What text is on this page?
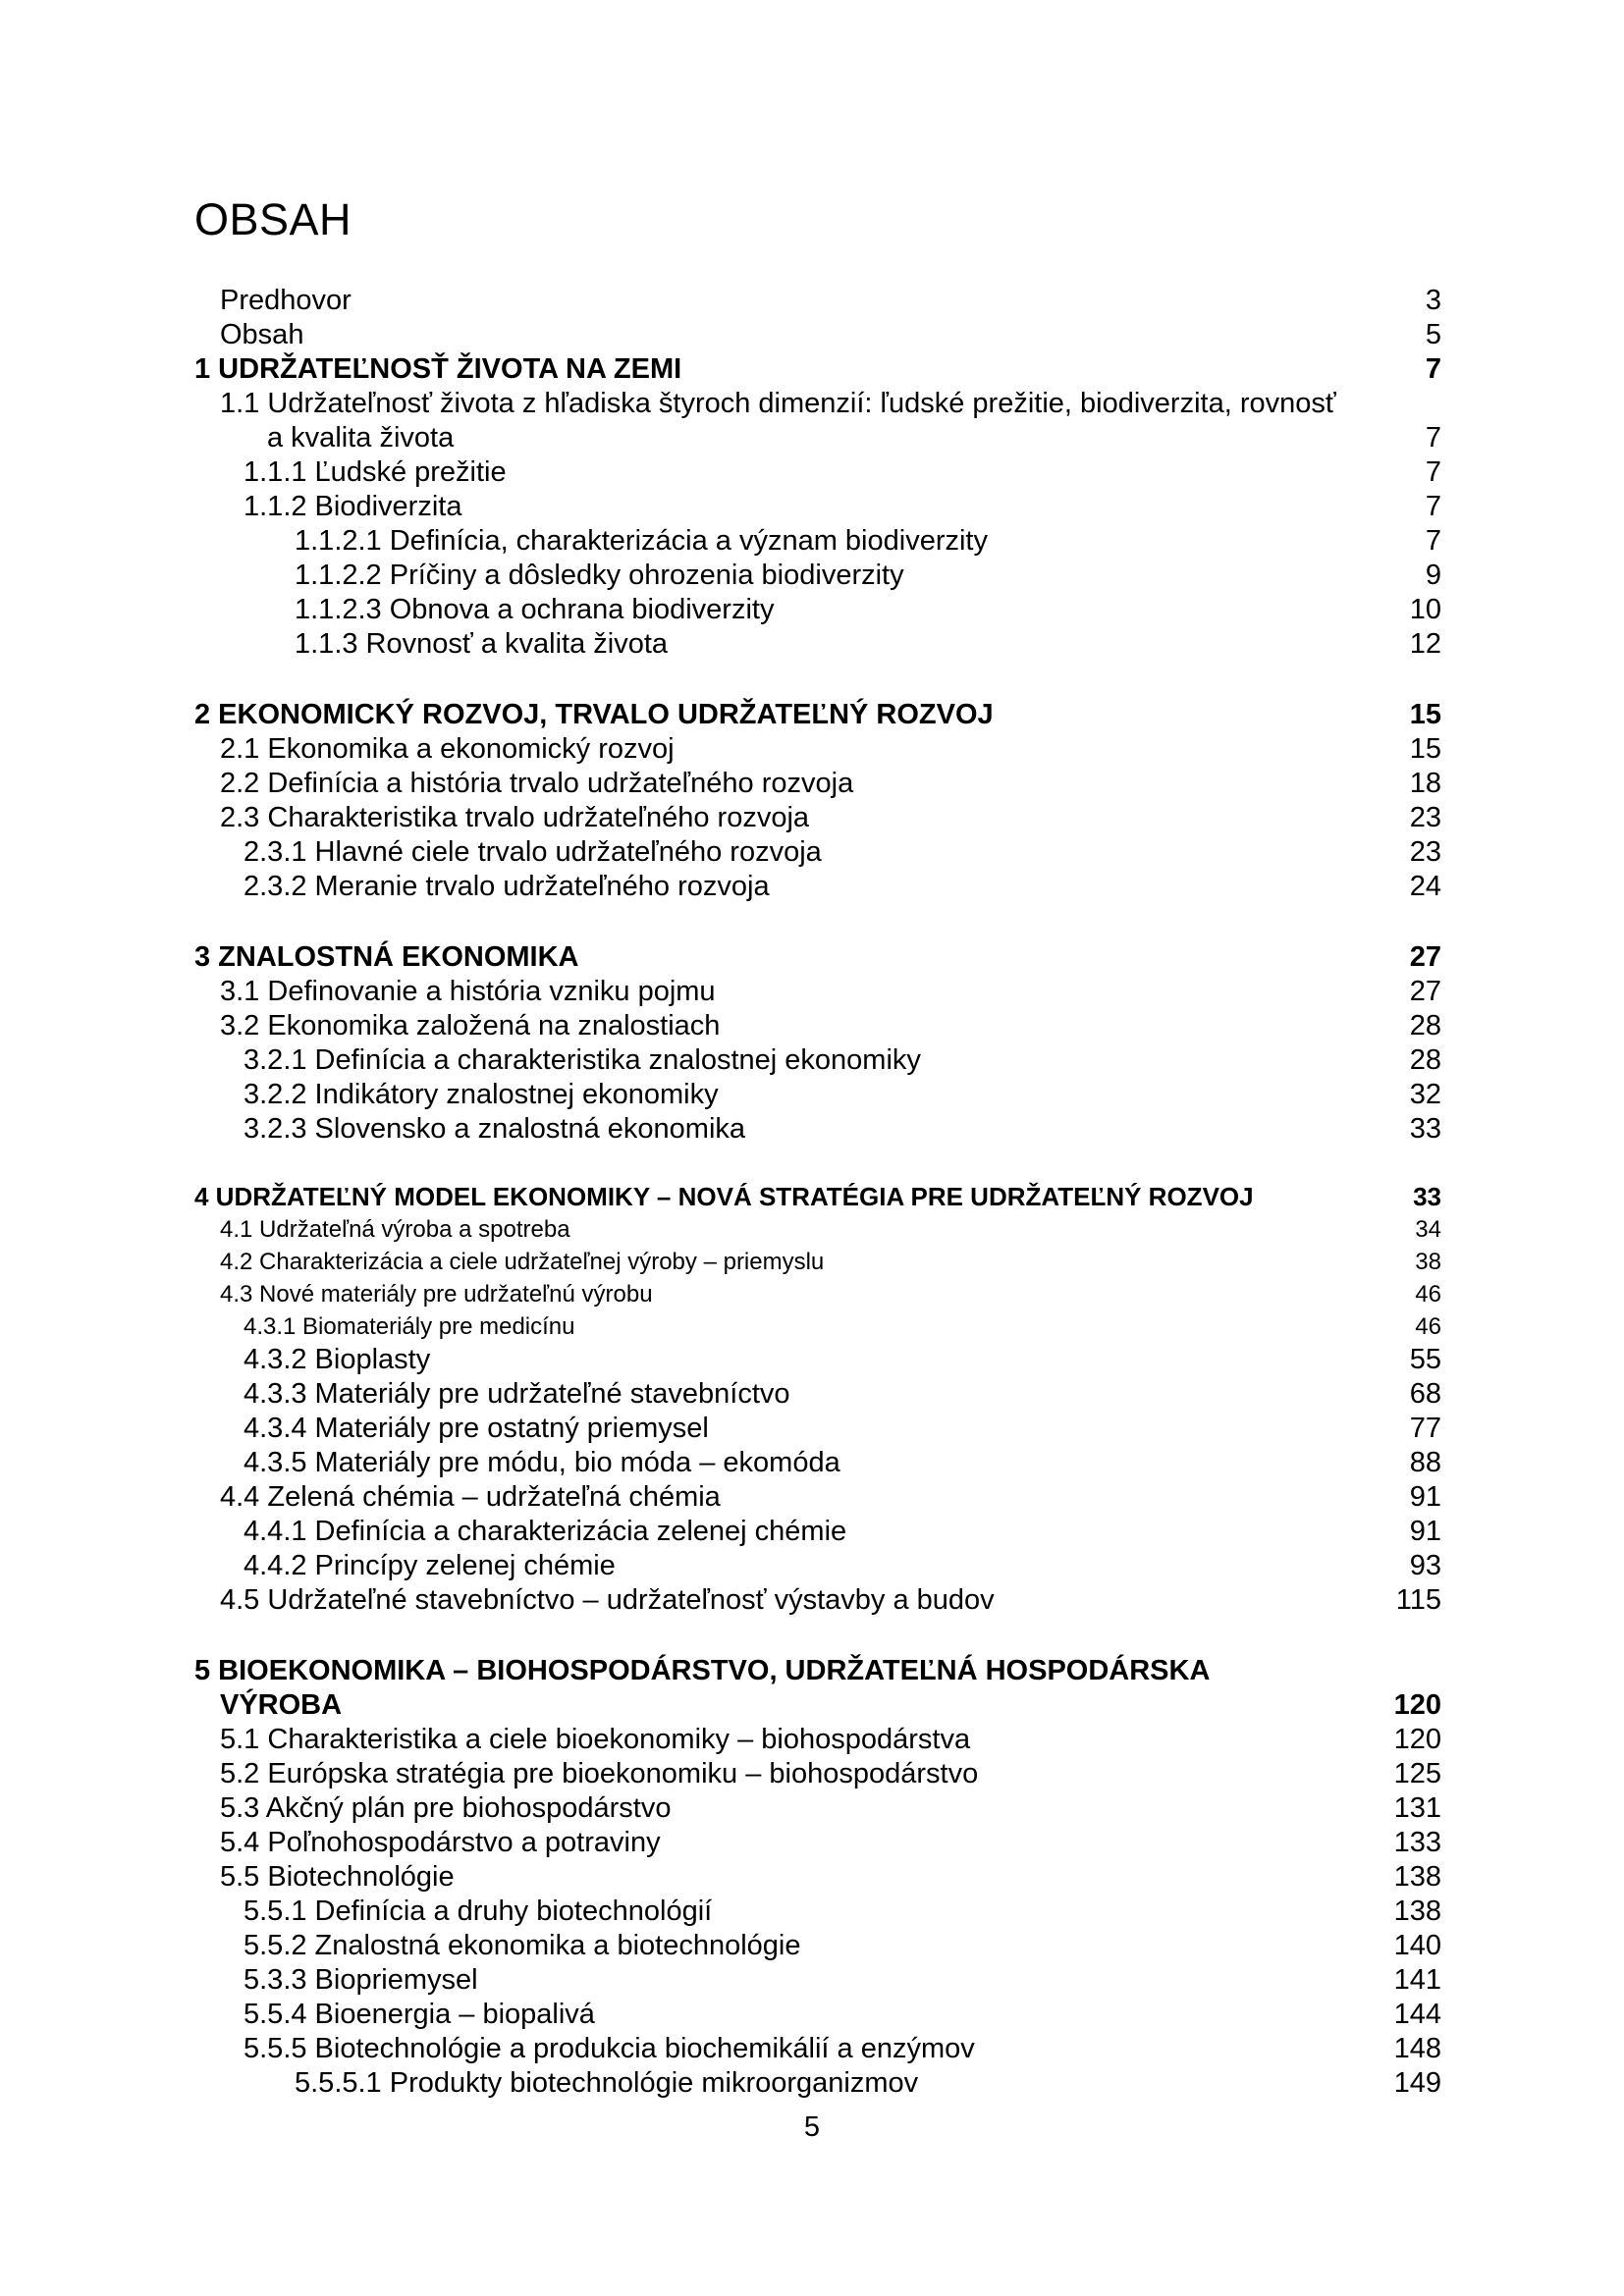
OBSAH
Predhovor	3
Obsah	5
1 UDRŽATEĽNOSŤ ŽIVOTA NA ZEMI	7
1.1 Udržateľnosť života z hľadiska štyroch dimenzií: ľudské prežitie, biodiverzita, rovnosť
a kvalita života	7
1.1.1 Ľudské prežitie	7
1.1.2 Biodiverzita	7
1.1.2.1 Definícia, charakterizácia a význam biodiverzity	7
1.1.2.2 Príčiny a dôsledky ohrozenia biodiverzity	9
1.1.2.3 Obnova a ochrana biodiverzity	10
1.1.3 Rovnosť a kvalita života	12
2 EKONOMICKÝ ROZVOJ, TRVALO UDRŽATEĽNÝ ROZVOJ	15
2.1 Ekonomika a ekonomický rozvoj	15
2.2 Definícia a história trvalo udržateľného rozvoja	18
2.3 Charakteristika trvalo udržateľného rozvoja	23
2.3.1 Hlavné ciele trvalo udržateľného rozvoja	23
2.3.2 Meranie trvalo udržateľného rozvoja	24
3 ZNALOSTNÁ EKONOMIKA	27
3.1 Definovanie a história vzniku pojmu	27
3.2 Ekonomika založená na znalostiach	28
3.2.1 Definícia a charakteristika znalostnej ekonomiky	28
3.2.2 Indikátory znalostnej ekonomiky	32
3.2.3 Slovensko a znalostná ekonomika	33
4 UDRŽATEĽNÝ MODEL EKONOMIKY – NOVÁ STRATÉGIA PRE UDRŽATEĽNÝ ROZVOJ	33
4.1 Udržateľná výroba a spotreba	34
4.2 Charakterizácia a ciele udržateľnej výroby – priemyslu	38
4.3 Nové materiály pre udržateľnú výrobu	46
4.3.1 Biomateriály pre medicínu	46
4.3.2 Bioplasty	55
4.3.3 Materiály pre udržateľné stavebníctvo	68
4.3.4 Materiály pre ostatný priemysel	77
4.3.5 Materiály pre módu, bio móda – ekomóda	88
4.4 Zelená chémia – udržateľná chémia	91
4.4.1 Definícia a charakterizácia zelenej chémie	91
4.4.2 Princípy zelenej chémie	93
4.5 Udržateľné stavebníctvo – udržateľnosť výstavby a budov	115
5 BIOEKONOMIKA – BIOHOSPODÁRSTVO, UDRŽATEĽNÁ HOSPODÁRSKA
VÝROBA	120
5.1 Charakteristika a ciele bioekonomiky – biohospodárstva	120
5.2 Európska stratégia pre bioekonomiku – biohospodárstvo	125
5.3 Akčný plán pre biohospodárstvo	131
5.4 Poľnohospodárstvo a potraviny	133
5.5 Biotechnológie	138
5.5.1 Definícia a druhy biotechnológií	138
5.5.2 Znalostná ekonomika a biotechnológie	140
5.3.3 Biopriemysel	141
5.5.4 Bioenergia – biopalivá	144
5.5.5 Biotechnológie a produkcia biochemikálií a enzýmov	148
5.5.5.1 Produkty biotechnológie mikroorganizmov	149
5
